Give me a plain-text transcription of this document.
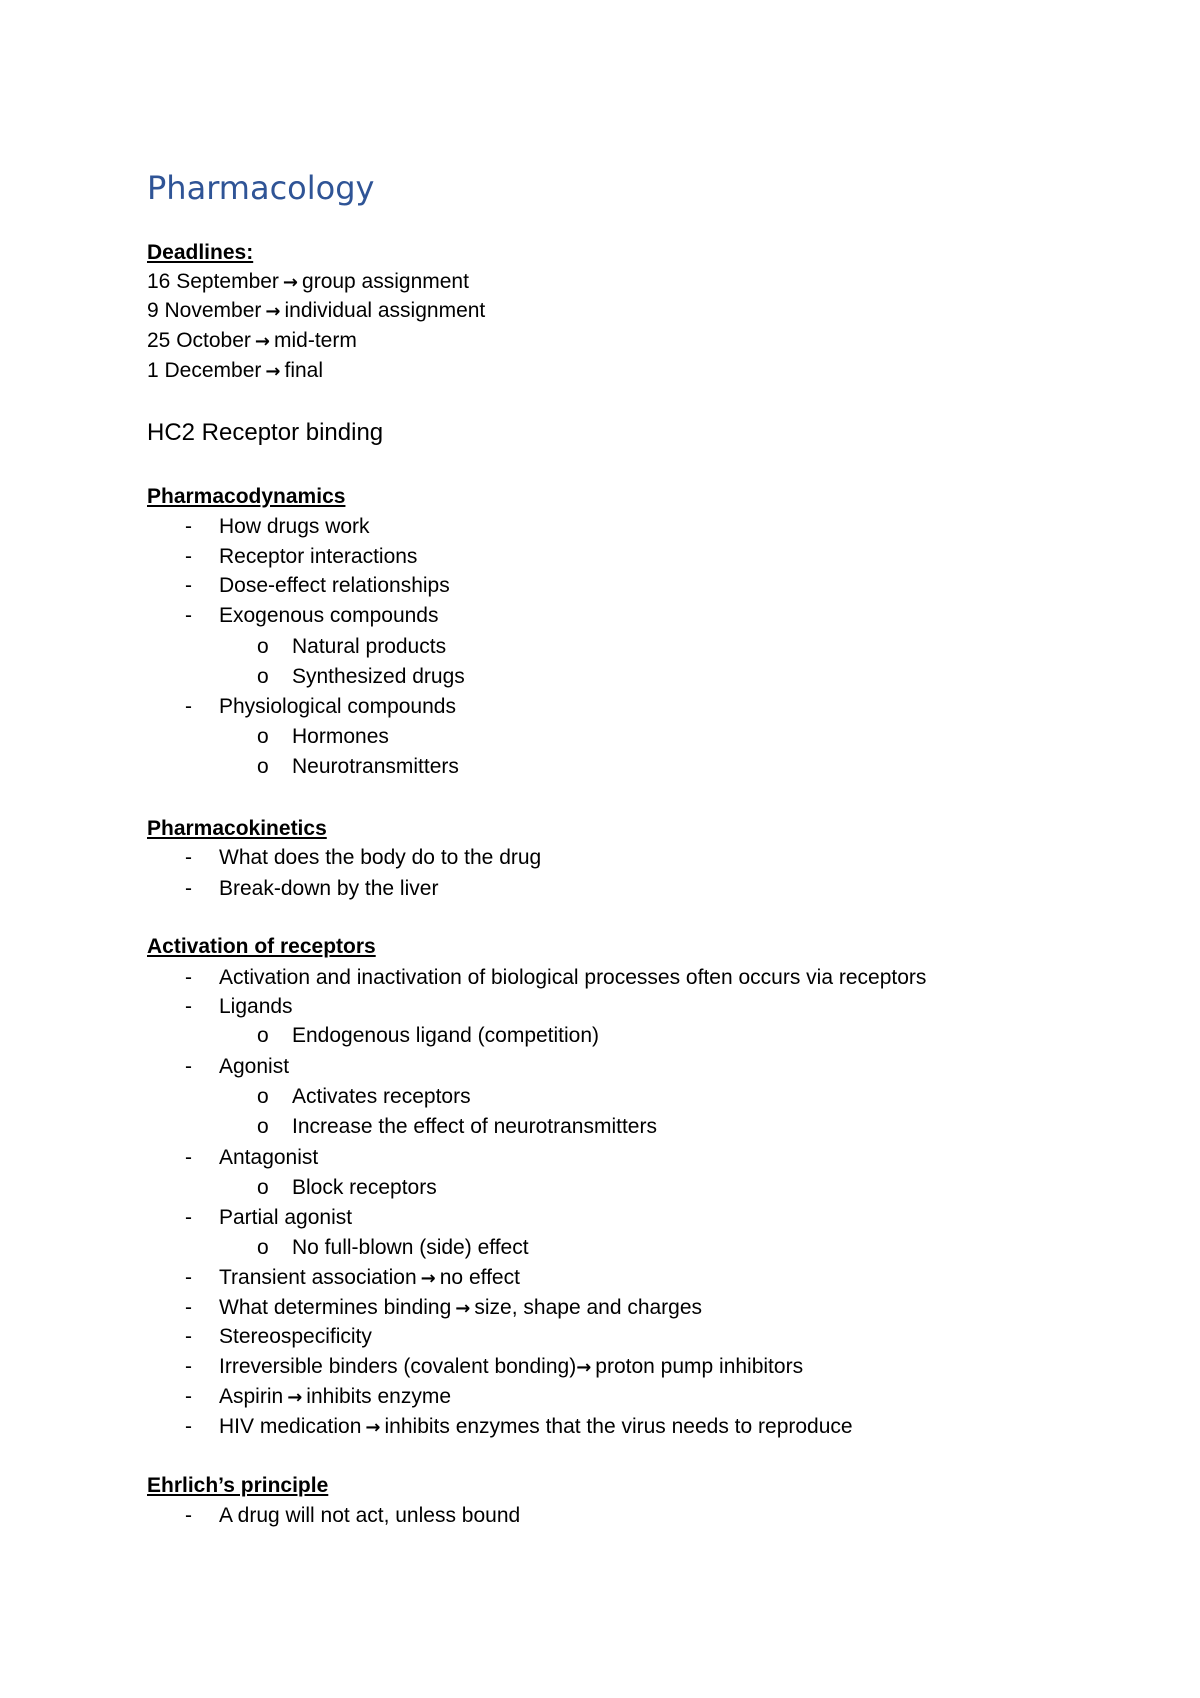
Pharmacology
Deadlines:
16 September → group assignment
9 November → individual assignment
25 October → mid-term
1 December → final
HC2 Receptor binding
Pharmacodynamics
-	How drugs work
-	Receptor interactions
-	Dose-effect relationships
-	Exogenous compounds
o	Natural products
o	Synthesized drugs
-	Physiological compounds
o	Hormones
o	Neurotransmitters
Pharmacokinetics
-	What does the body do to the drug
-	Break-down by the liver
Activation of receptors
-	Activation and inactivation of biological processes often occurs via receptors
-	Ligands
o	Endogenous ligand (competition)
-	Agonist
o	Activates receptors
o	Increase the effect of neurotransmitters
-	Antagonist
o	Block receptors
-	Partial agonist
o	No full-blown (side) effect
-	Transient association → no effect
-	What determines binding → size, shape and charges
-	Stereospecificity
-	Irreversible binders (covalent bonding)→ proton pump inhibitors
-	Aspirin → inhibits enzyme
-	HIV medication → inhibits enzymes that the virus needs to reproduce
Ehrlich’s principle
-	A drug will not act, unless bound
